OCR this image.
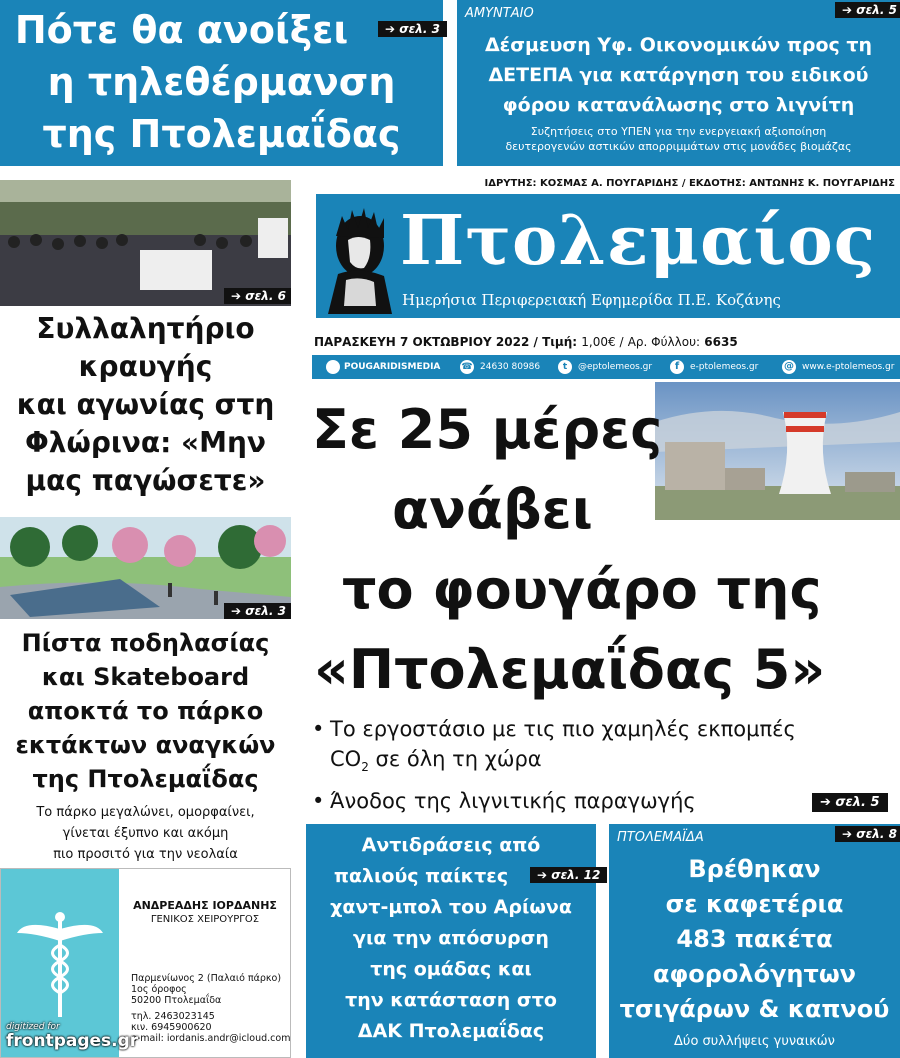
Πότε θα ανοίξει
η τηλεθέρμανση
της Πτολεμαΐδας
➔ σελ. 3
ΑΜΥΝΤΑΙΟ	➔ σελ. 5
Δέσμευση Υφ. Οικονομικών προς τη
ΔΕΤΕΠΑ για κατάργηση του ειδικού
φόρου κατανάλωσης στο λιγνίτη
Συζητήσεις στο ΥΠΕΝ για την ενεργειακή αξιοποίηση
δευτερογενών αστικών απορριμμάτων στις μονάδες βιομάζας
ΙΔΡΥΤΗΣ: ΚΟΣΜΑΣ Α. ΠΟΥΓΑΡΙΔΗΣ / ΕΚΔΟΤΗΣ: ΑΝΤΩΝΗΣ Κ. ΠΟΥΓΑΡΙΔΗΣ
Πτολεμαίος
Ημερήσια Περιφερειακή Εφημερίδα Π.Ε. Κοζάνης
ΠΑΡΑΣΚΕΥΗ 7 ΟΚΤΩΒΡΙΟΥ 2022 / Τιμή: 1,00€ / Αρ. Φύλλου: 6635
POUGARIDISMEDIA ☎ 24630 80986	t	@eptolemeos.gr	f	e-ptolemeos.gr	@ www.e-ptolemeos.gr
➔ σελ. 6
Συλλαλητήριο
κραυγής
και αγωνίας στη
Φλώρινα: «Μην
μας παγώσετε»
➔ σελ. 3
Πίστα ποδηλασίας
και Skateboard
αποκτά το πάρκο
εκτάκτων αναγκών
της Πτολεμαΐδας
Το πάρκο μεγαλώνει, ομορφαίνει,
γίνεται έξυπνο και ακόμη
πιο προσιτό για την νεολαία
ΑΝΔΡΕΑΔΗΣ ΙΟΡΔΑΝΗΣ
ΓΕΝΙΚΟΣ ΧΕΙΡΟΥΡΓΟΣ
Παρμενίωνος 2 (Παλαιό πάρκο)
1ος όροφος
50200 Πτολεμαΐδα
τηλ. 2463023145
κιν. 6945900620
e-mail: iordanis.andr@icloud.com
Σε 25 μέρες
ανάβει
το φουγάρο της
«Πτολεμαΐδας 5»
• Το εργοστάσιο με τις πιο χαμηλές εκπομπές
$CO_2$ σε όλη τη χώρα
• Άνοδος της λιγνιτικής παραγωγής	➔ σελ. 5
Αντιδράσεις από
παλιούς παίκτες
χαντ-μπολ του Αρίωνα
για την απόσυρση
της ομάδας και
την κατάσταση στο
ΔΑΚ Πτολεμαΐδας
➔ σελ. 12
ΠΤΟΛΕΜΑΪΔΑ	➔ σελ. 8
Βρέθηκαν
σε καφετέρια
483 πακέτα
αφορολόγητων
τσιγάρων & καπνού
Δύο συλλήψεις γυναικών
digitized for
frontpages.gr
